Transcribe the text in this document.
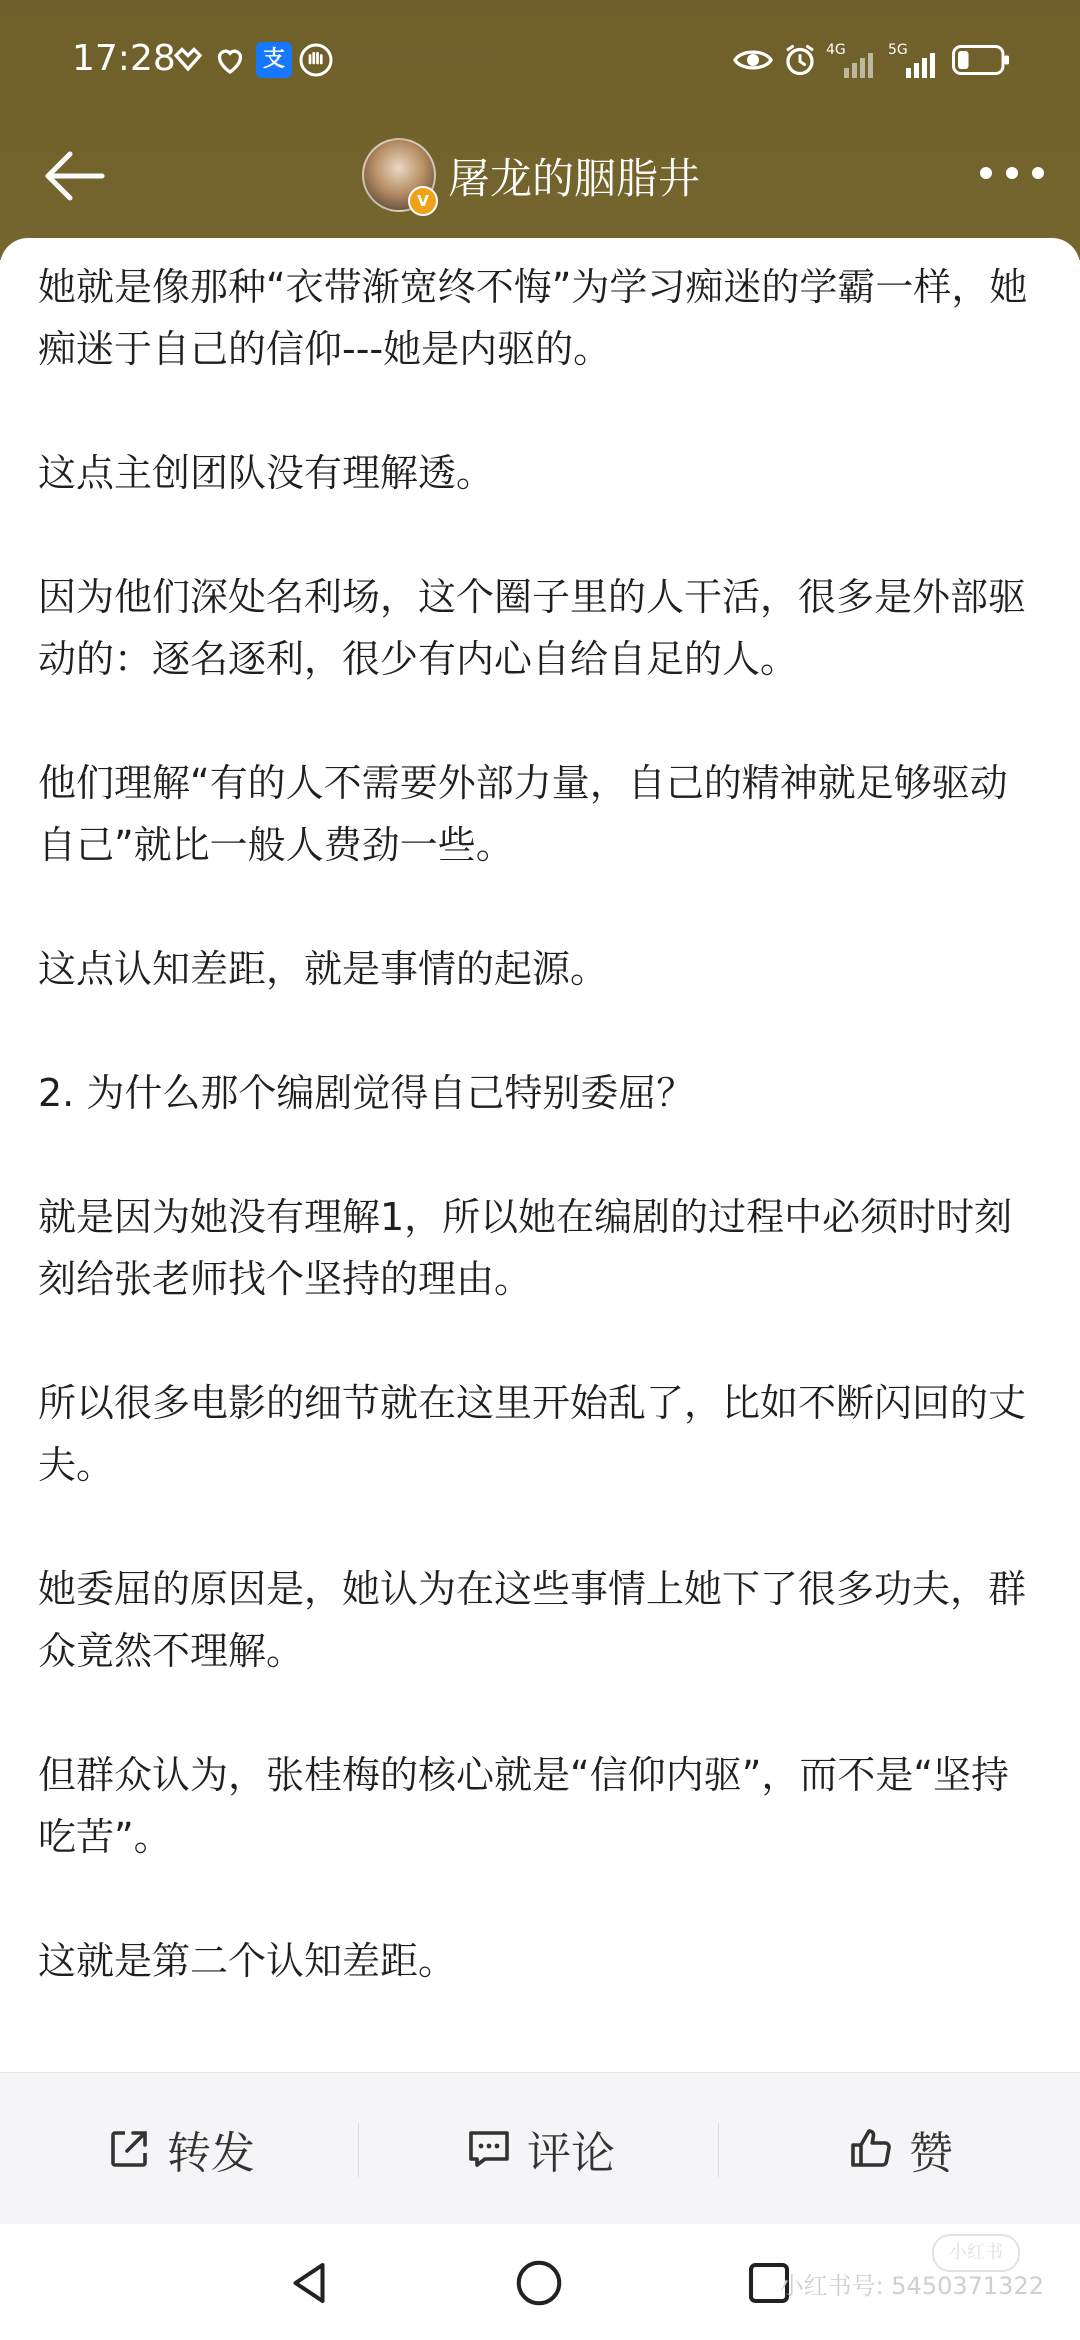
17:28	支	4G	5G
V 屠龙的胭脂井

她就是像那种“衣带渐宽终不悔”为学习痴迷的学霸一样，她痴迷于自己的信仰---她是内驱的。

这点主创团队没有理解透。

因为他们深处名利场，这个圈子里的人干活，很多是外部驱动的：逐名逐利，很少有内心自给自足的人。

他们理解“有的人不需要外部力量，自己的精神就足够驱动自己”就比一般人费劲一些。

这点认知差距，就是事情的起源。

2. 为什么那个编剧觉得自己特别委屈？

就是因为她没有理解1，所以她在编剧的过程中必须时时刻刻给张老师找个坚持的理由。

所以很多电影的细节就在这里开始乱了，比如不断闪回的丈夫。

她委屈的原因是，她认为在这些事情上她下了很多功夫，群众竟然不理解。

但群众认为，张桂梅的核心就是“信仰内驱”，而不是“坚持吃苦”。

这就是第二个认知差距。

转发	评论	赞
小红书
小红书号: 5450371322
